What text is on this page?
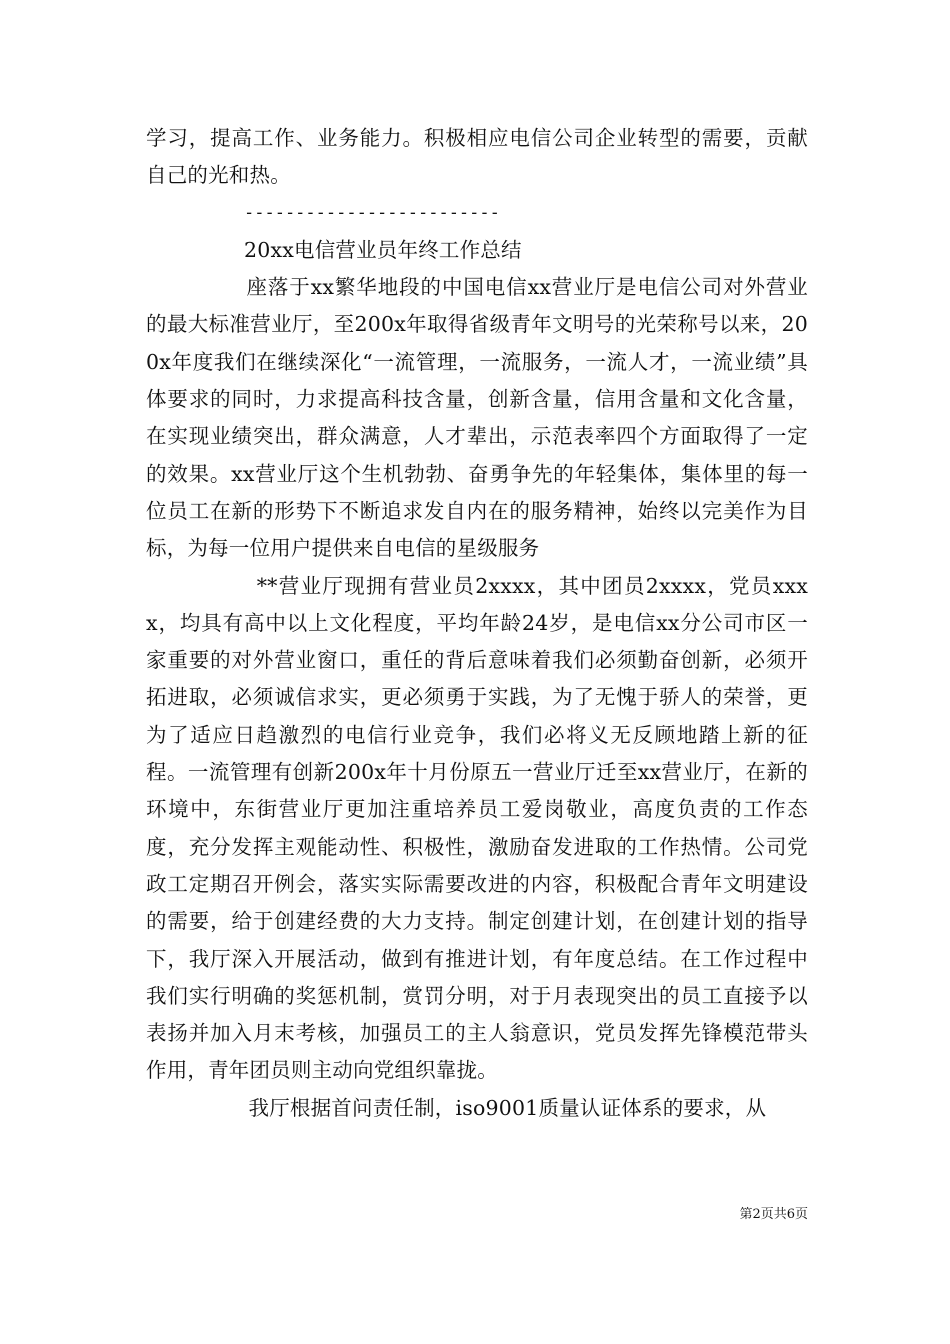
学习，提高工作、业务能力。积极相应电信公司企业转型的需要，贡献自己的光和热。

-------------------------

20xx电信营业员年终工作总结

座落于xx繁华地段的中国电信xx营业厅是电信公司对外营业的最大标准营业厅，至200x年取得省级青年文明号的光荣称号以来，200x年度我们在继续深化“一流管理，一流服务，一流人才，一流业绩”具体要求的同时，力求提高科技含量，创新含量，信用含量和文化含量，在实现业绩突出，群众满意，人才辈出，示范表率四个方面取得了一定的效果。xx营业厅这个生机勃勃、奋勇争先的年轻集体，集体里的每一位员工在新的形势下不断追求发自内在的服务精神，始终以完美作为目标，为每一位用户提供来自电信的星级服务

**营业厅现拥有营业员2xxxx，其中团员2xxxx，党员xxxx，均具有高中以上文化程度，平均年龄24岁，是电信xx分公司市区一家重要的对外营业窗口，重任的背后意味着我们必须勤奋创新，必须开拓进取，必须诚信求实，更必须勇于实践，为了无愧于骄人的荣誉，更为了适应日趋激烈的电信行业竞争，我们必将义无反顾地踏上新的征程。一流管理有创新200x年十月份原五一营业厅迁至xx营业厅，在新的环境中，东街营业厅更加注重培养员工爱岗敬业，高度负责的工作态度，充分发挥主观能动性、积极性，激励奋发进取的工作热情。公司党政工定期召开例会，落实实际需要改进的内容，积极配合青年文明建设的需要，给于创建经费的大力支持。制定创建计划，在创建计划的指导下，我厅深入开展活动，做到有推进计划，有年度总结。在工作过程中我们实行明确的奖惩机制，赏罚分明，对于月表现突出的员工直接予以表扬并加入月末考核，加强员工的主人翁意识，党员发挥先锋模范带头作用，青年团员则主动向党组织靠拢。

我厅根据首问责任制，iso9001质量认证体系的要求，从

第2页共6页
